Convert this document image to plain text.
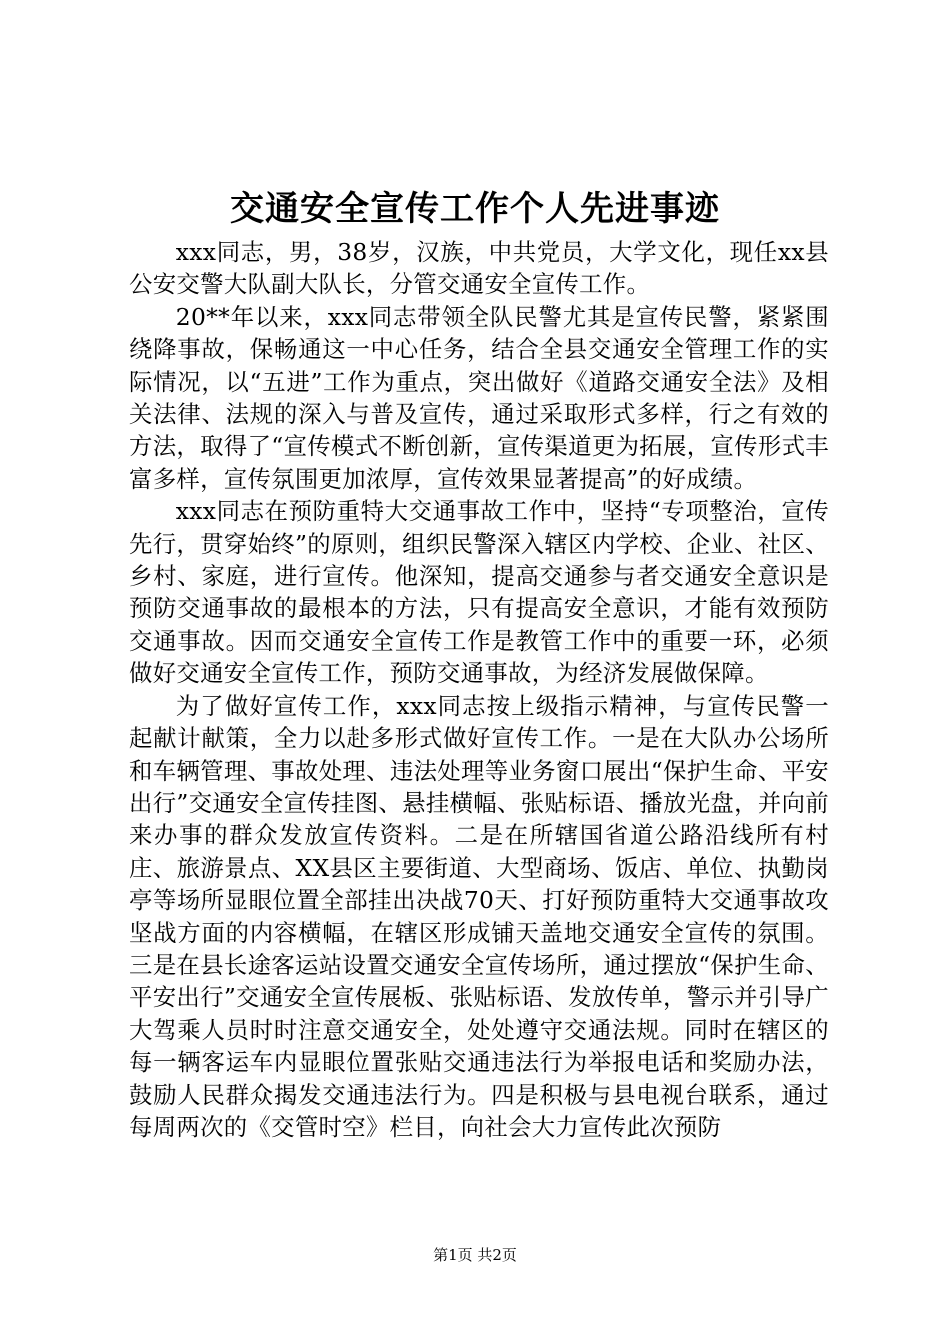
交通安全宣传工作个人先进事迹

xxx同志，男，38岁，汉族，中共党员，大学文化，现任xx县公安交警大队副大队长，分管交通安全宣传工作。

20**年以来，xxx同志带领全队民警尤其是宣传民警，紧紧围绕降事故，保畅通这一中心任务，结合全县交通安全管理工作的实际情况，以“五进”工作为重点，突出做好《道路交通安全法》及相关法律、法规的深入与普及宣传，通过采取形式多样，行之有效的方法，取得了“宣传模式不断创新，宣传渠道更为拓展，宣传形式丰富多样，宣传氛围更加浓厚，宣传效果显著提高”的好成绩。

xxx同志在预防重特大交通事故工作中，坚持“专项整治，宣传先行，贯穿始终”的原则，组织民警深入辖区内学校、企业、社区、乡村、家庭，进行宣传。他深知，提高交通参与者交通安全意识是预防交通事故的最根本的方法，只有提高安全意识，才能有效预防交通事故。因而交通安全宣传工作是教管工作中的重要一环，必须做好交通安全宣传工作，预防交通事故，为经济发展做保障。

为了做好宣传工作，xxx同志按上级指示精神，与宣传民警一起献计献策，全力以赴多形式做好宣传工作。一是在大队办公场所和车辆管理、事故处理、违法处理等业务窗口展出“保护生命、平安出行”交通安全宣传挂图、悬挂横幅、张贴标语、播放光盘，并向前来办事的群众发放宣传资料。二是在所辖国省道公路沿线所有村庄、旅游景点、XX县区主要街道、大型商场、饭店、单位、执勤岗亭等场所显眼位置全部挂出决战70天、打好预防重特大交通事故攻坚战方面的内容横幅，在辖区形成铺天盖地交通安全宣传的氛围。三是在县长途客运站设置交通安全宣传场所，通过摆放“保护生命、平安出行”交通安全宣传展板、张贴标语、发放传单，警示并引导广大驾乘人员时时注意交通安全，处处遵守交通法规。同时在辖区的每一辆客运车内显眼位置张贴交通违法行为举报电话和奖励办法，鼓励人民群众揭发交通违法行为。四是积极与县电视台联系，通过每周两次的《交管时空》栏目，向社会大力宣传此次预防

第1页 共2页
